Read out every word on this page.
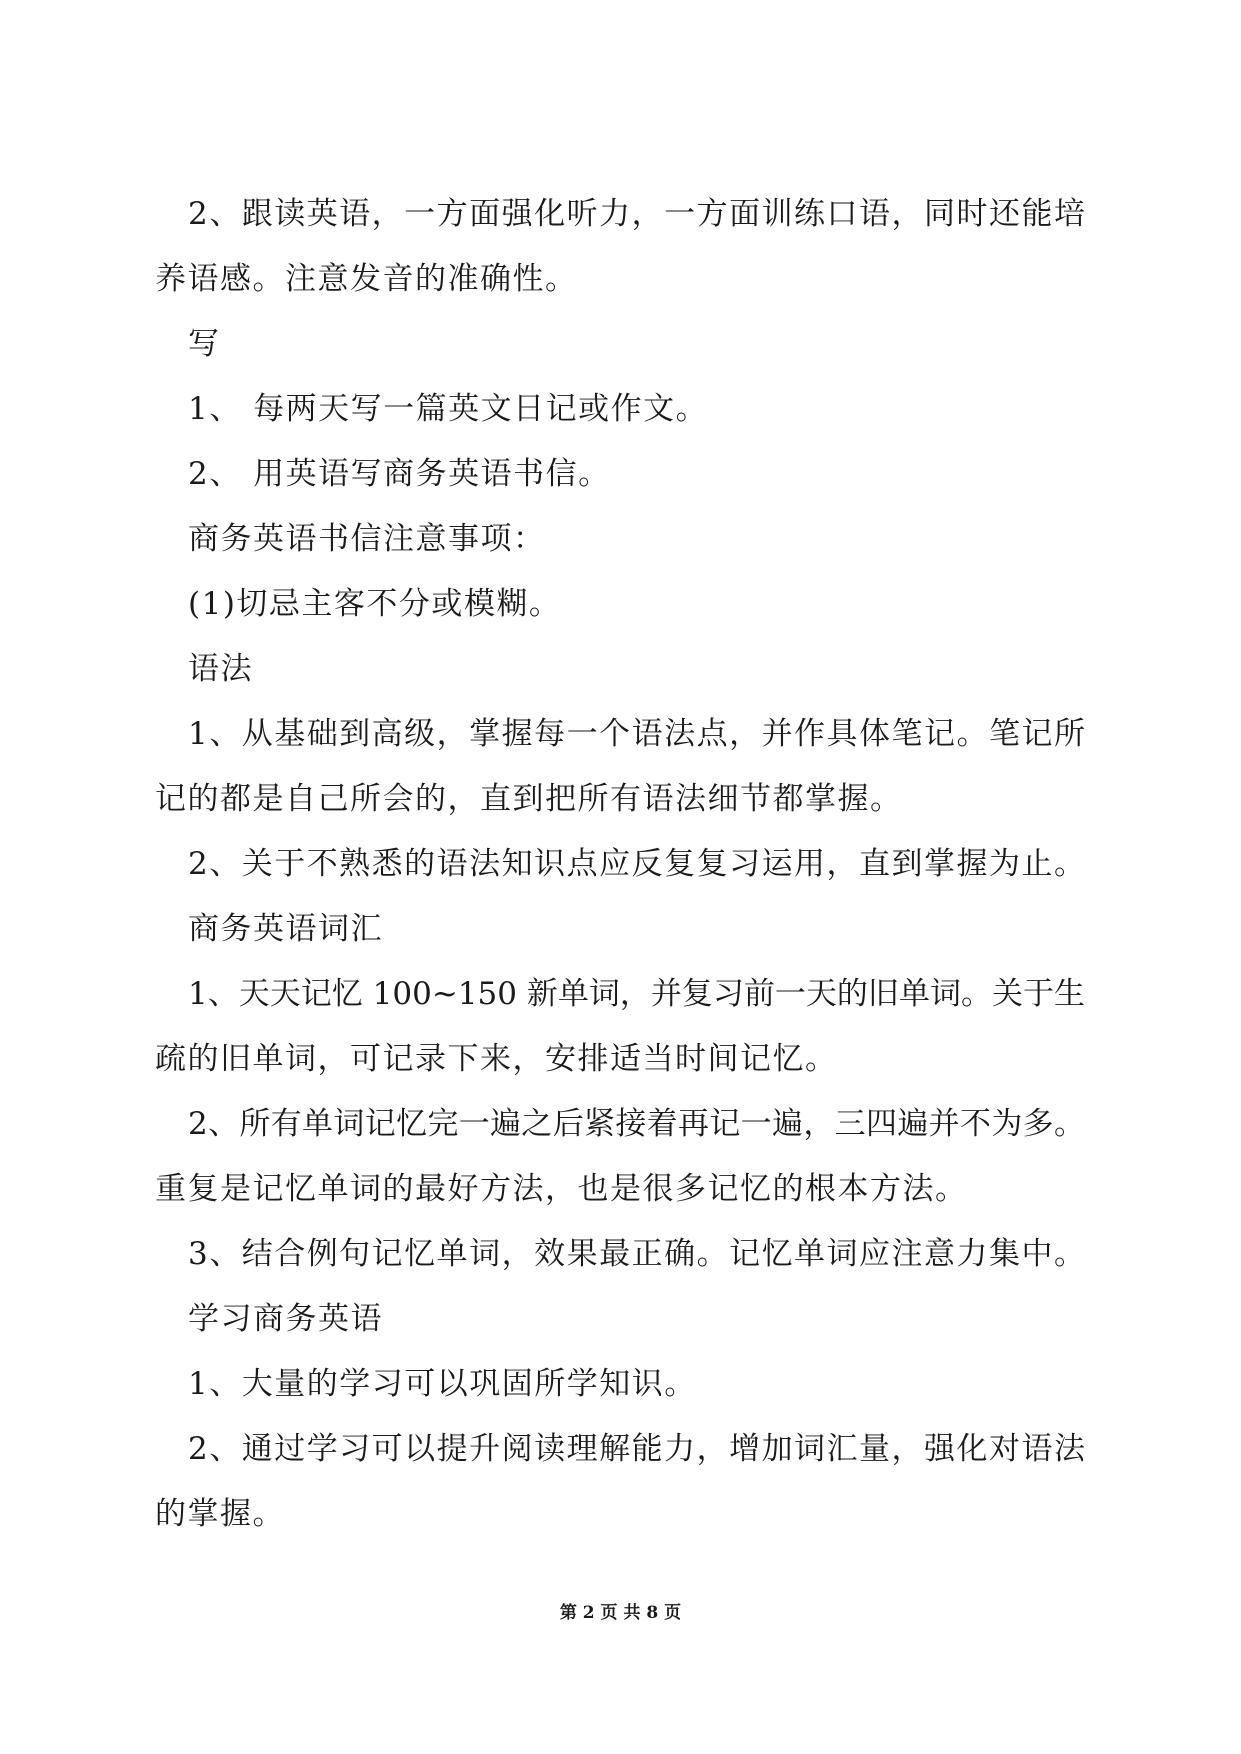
2、跟读英语，一方面强化听力，一方面训练口语，同时还能培
养语感。注意发音的准确性。
写
1、 每两天写一篇英文日记或作文。
2、 用英语写商务英语书信。
商务英语书信注意事项：
(1)切忌主客不分或模糊。
语法
1、从基础到高级，掌握每一个语法点，并作具体笔记。笔记所
记的都是自己所会的，直到把所有语法细节都掌握。
2、关于不熟悉的语法知识点应反复复习运用，直到掌握为止。
商务英语词汇
1、天天记忆 100~150 新单词，并复习前一天的旧单词。关于生
疏的旧单词，可记录下来，安排适当时间记忆。
2、所有单词记忆完一遍之后紧接着再记一遍，三四遍并不为多。
重复是记忆单词的最好方法，也是很多记忆的根本方法。
3、结合例句记忆单词，效果最正确。记忆单词应注意力集中。
学习商务英语
1、大量的学习可以巩固所学知识。
2、通过学习可以提升阅读理解能力，增加词汇量，强化对语法
的掌握。
第 2 页 共 8 页
